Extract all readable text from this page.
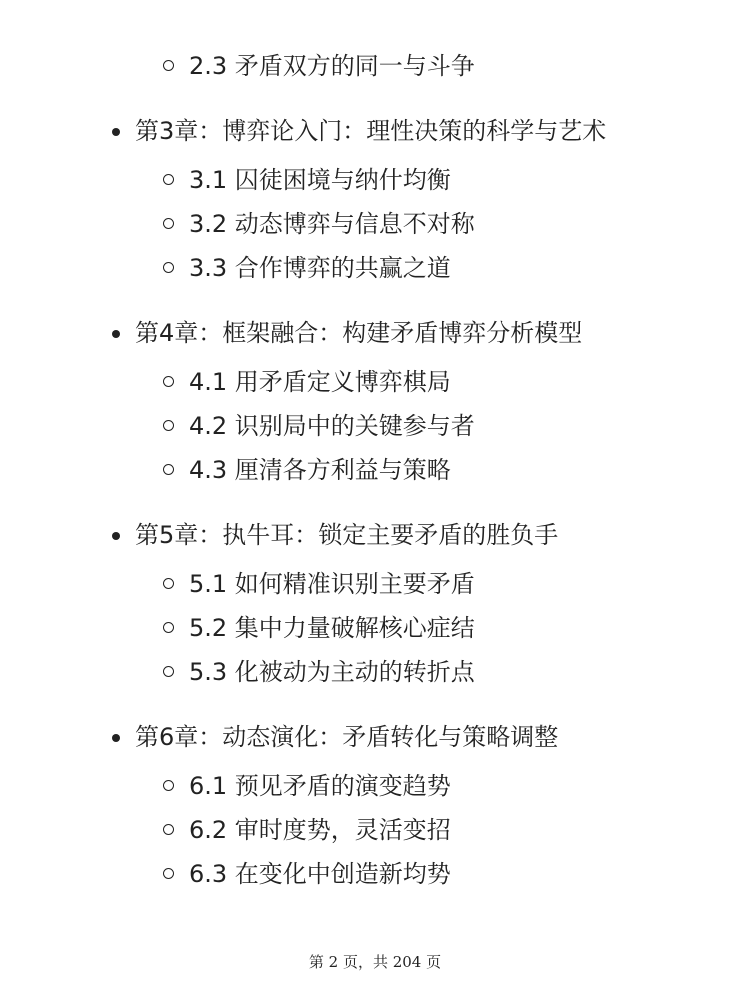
2.3 矛盾双方的同一与斗争
第3章：博弈论入门：理性决策的科学与艺术
3.1 囚徒困境与纳什均衡
3.2 动态博弈与信息不对称
3.3 合作博弈的共赢之道
第4章：框架融合：构建矛盾博弈分析模型
4.1 用矛盾定义博弈棋局
4.2 识别局中的关键参与者
4.3 厘清各方利益与策略
第5章：执牛耳：锁定主要矛盾的胜负手
5.1 如何精准识别主要矛盾
5.2 集中力量破解核心症结
5.3 化被动为主动的转折点
第6章：动态演化：矛盾转化与策略调整
6.1 预见矛盾的演变趋势
6.2 审时度势，灵活变招
6.3 在变化中创造新均势
第 2 页，共 204 页
